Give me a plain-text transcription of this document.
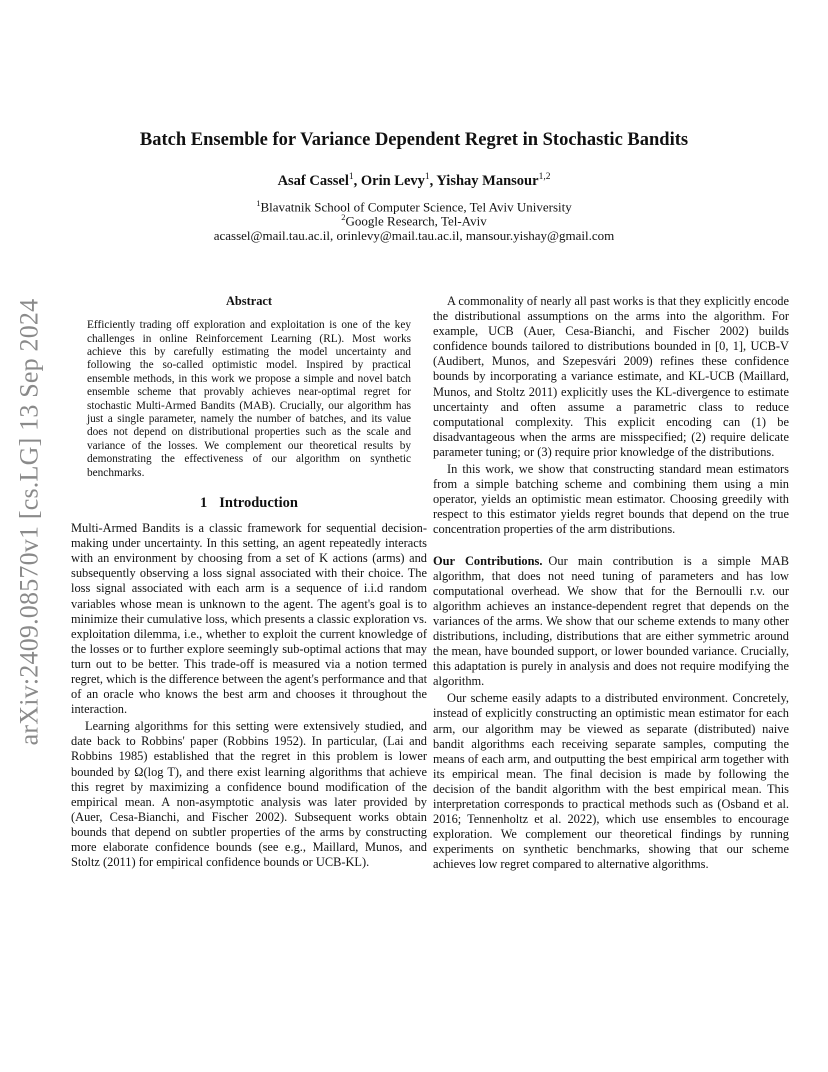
arXiv:2409.08570v1 [cs.LG] 13 Sep 2024
Batch Ensemble for Variance Dependent Regret in Stochastic Bandits
Asaf Cassel$^1$, Orin Levy$^1$, Yishay Mansour$^{1,2}$
$^1$Blavatnik School of Computer Science, Tel Aviv University
$^2$Google Research, Tel-Aviv
acassel@mail.tau.ac.il, orinlevy@mail.tau.ac.il, mansour.yishay@gmail.com
Abstract

Efficiently trading off exploration and exploitation is one of the key challenges in online Reinforcement Learning (RL). Most works achieve this by carefully estimating the model uncertainty and following the so-called optimistic model. Inspired by practical ensemble methods, in this work we propose a simple and novel batch ensemble scheme that provably achieves near-optimal regret for stochastic Multi-Armed Bandits (MAB). Crucially, our algorithm has just a single parameter, namely the number of batches, and its value does not depend on distributional properties such as the scale and variance of the losses. We complement our theoretical results by demonstrating the effectiveness of our algorithm on synthetic benchmarks.

1 Introduction

Multi-Armed Bandits is a classic framework for sequential decision-making under uncertainty. In this setting, an agent repeatedly interacts with an environment by choosing from a set of K actions (arms) and subsequently observing a loss signal associated with their choice. The loss signal associated with each arm is a sequence of i.i.d random variables whose mean is unknown to the agent. The agent's goal is to minimize their cumulative loss, which presents a classic exploration vs. exploitation dilemma, i.e., whether to exploit the current knowledge of the losses or to further explore seemingly sub-optimal actions that may turn out to be better. This trade-off is measured via a notion termed regret, which is the difference between the agent's performance and that of an oracle who knows the best arm and chooses it throughout the interaction.

Learning algorithms for this setting were extensively studied, and date back to Robbins' paper (Robbins 1952). In particular, (Lai and Robbins 1985) established that the regret in this problem is lower bounded by Ω(log T), and there exist learning algorithms that achieve this regret by maximizing a confidence bound modification of the empirical mean. A non-asymptotic analysis was later provided by (Auer, Cesa-Bianchi, and Fischer 2002). Subsequent works obtain bounds that depend on subtler properties of the arms by constructing more elaborate confidence bounds (see e.g., Maillard, Munos, and Stoltz (2011) for empirical confidence bounds or UCB-KL).

A commonality of nearly all past works is that they explicitly encode the distributional assumptions on the arms into the algorithm. For example, UCB (Auer, Cesa-Bianchi, and Fischer 2002) builds confidence bounds tailored to distributions bounded in [0, 1], UCB-V (Audibert, Munos, and Szepesvári 2009) refines these confidence bounds by incorporating a variance estimate, and KL-UCB (Maillard, Munos, and Stoltz 2011) explicitly uses the KL-divergence to estimate uncertainty and often assume a parametric class to reduce computational complexity. This explicit encoding can (1) be disadvantageous when the arms are misspecified; (2) require delicate parameter tuning; or (3) require prior knowledge of the distributions.

In this work, we show that constructing standard mean estimators from a simple batching scheme and combining them using a min operator, yields an optimistic mean estimator. Choosing greedily with respect to this estimator yields regret bounds that depend on the true concentration properties of the arm distributions.

Our Contributions. Our main contribution is a simple MAB algorithm, that does not need tuning of parameters and has low computational overhead. We show that for the Bernoulli r.v. our algorithm achieves an instance-dependent regret that depends on the variances of the arms. We show that our scheme extends to many other distributions, including, distributions that are either symmetric around the mean, have bounded support, or lower bounded variance. Crucially, this adaptation is purely in analysis and does not require modifying the algorithm.

Our scheme easily adapts to a distributed environment. Concretely, instead of explicitly constructing an optimistic mean estimator for each arm, our algorithm may be viewed as separate (distributed) naive bandit algorithms each receiving separate samples, computing the means of each arm, and outputting the best empirical arm together with its empirical mean. The final decision is made by following the decision of the bandit algorithm with the best empirical mean. This interpretation corresponds to practical methods such as (Osband et al. 2016; Tennenholtz et al. 2022), which use ensembles to encourage exploration. We complement our theoretical findings by running experiments on synthetic benchmarks, showing that our scheme achieves low regret compared to alternative algorithms.
